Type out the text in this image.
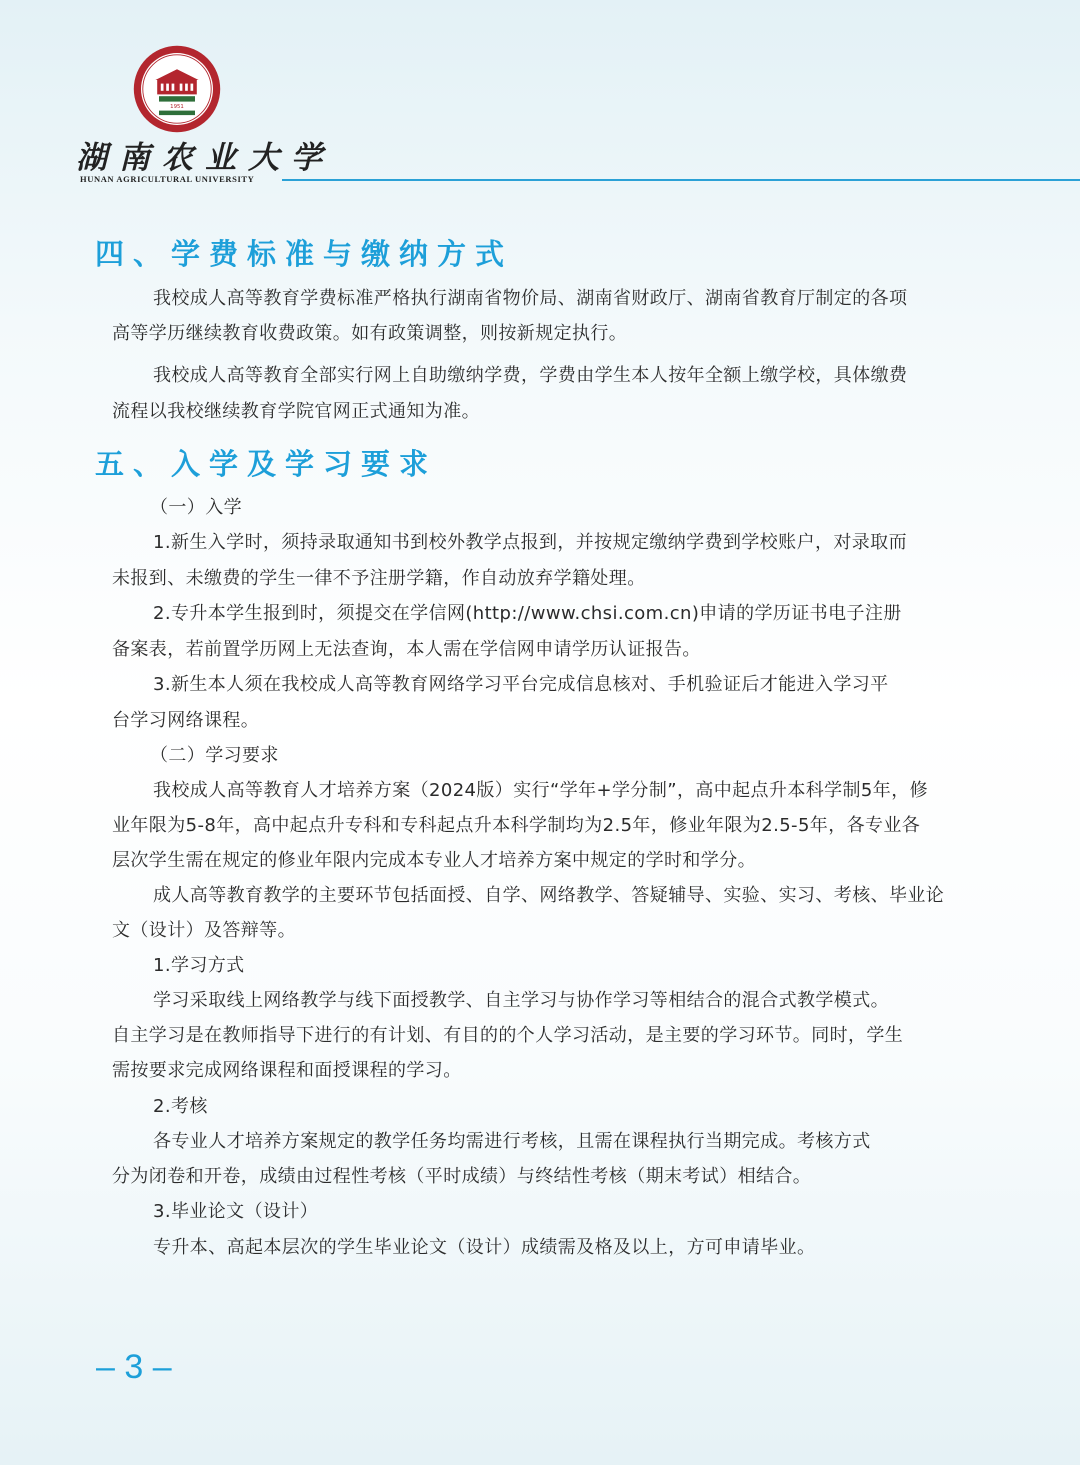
1951
湖南农业大学
HUNAN AGRICULTURAL UNIVERSITY
四、学费标准与缴纳方式
我校成人高等教育学费标准严格执行湖南省物价局、湖南省财政厅、湖南省教育厅制定的各项
高等学历继续教育收费政策。如有政策调整，则按新规定执行。
我校成人高等教育全部实行网上自助缴纳学费，学费由学生本人按年全额上缴学校，具体缴费
流程以我校继续教育学院官网正式通知为准。
五、入学及学习要求
（一）入学
1.新生入学时，须持录取通知书到校外教学点报到，并按规定缴纳学费到学校账户，对录取而
未报到、未缴费的学生一律不予注册学籍，作自动放弃学籍处理。
2.专升本学生报到时，须提交在学信网(http://www.chsi.com.cn)申请的学历证书电子注册
备案表，若前置学历网上无法查询，本人需在学信网申请学历认证报告。
3.新生本人须在我校成人高等教育网络学习平台完成信息核对、手机验证后才能进入学习平
台学习网络课程。
（二）学习要求
我校成人高等教育人才培养方案（2024版）实行“学年+学分制”，高中起点升本科学制5年，修
业年限为5-8年，高中起点升专科和专科起点升本科学制均为2.5年，修业年限为2.5-5年，各专业各
层次学生需在规定的修业年限内完成本专业人才培养方案中规定的学时和学分。
成人高等教育教学的主要环节包括面授、自学、网络教学、答疑辅导、实验、实习、考核、毕业论
文（设计）及答辩等。
1.学习方式
学习采取线上网络教学与线下面授教学、自主学习与协作学习等相结合的混合式教学模式。
自主学习是在教师指导下进行的有计划、有目的的个人学习活动，是主要的学习环节。同时，学生
需按要求完成网络课程和面授课程的学习。
2.考核
各专业人才培养方案规定的教学任务均需进行考核，且需在课程执行当期完成。考核方式
分为闭卷和开卷，成绩由过程性考核（平时成绩）与终结性考核（期末考试）相结合。
3.毕业论文（设计）
专升本、高起本层次的学生毕业论文（设计）成绩需及格及以上，方可申请毕业。
– 3 –
